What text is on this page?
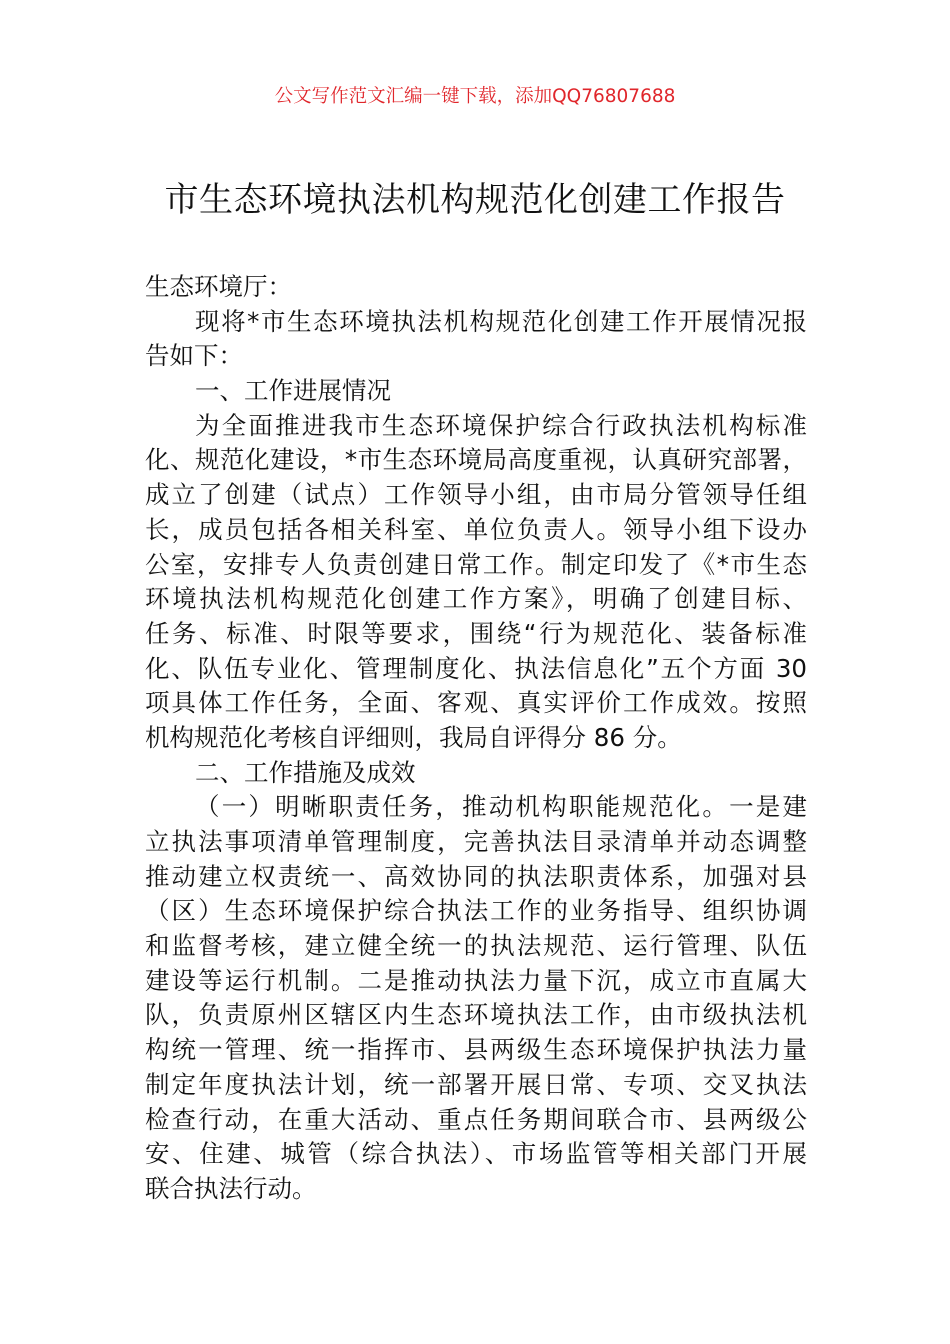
公文写作范文汇编一键下载，添加QQ76807688
市生态环境执法机构规范化创建工作报告
生态环境厅：
现将*市生态环境执法机构规范化创建工作开展情况报
告如下：
一、工作进展情况
为全面推进我市生态环境保护综合行政执法机构标准
化、规范化建设，*市生态环境局高度重视，认真研究部署，
成立了创建（试点）工作领导小组，由市局分管领导任组
长，成员包括各相关科室、单位负责人。领导小组下设办
公室，安排专人负责创建日常工作。制定印发了《*市生态
环境执法机构规范化创建工作方案》，明确了创建目标、
任务、标准、时限等要求，围绕“行为规范化、装备标准
化、队伍专业化、管理制度化、执法信息化”五个方面 30
项具体工作任务，全面、客观、真实评价工作成效。按照
机构规范化考核自评细则，我局自评得分 86 分。
二、工作措施及成效
（一）明晰职责任务，推动机构职能规范化。一是建
立执法事项清单管理制度，完善执法目录清单并动态调整
推动建立权责统一、高效协同的执法职责体系，加强对县
（区）生态环境保护综合执法工作的业务指导、组织协调
和监督考核，建立健全统一的执法规范、运行管理、队伍
建设等运行机制。二是推动执法力量下沉，成立市直属大
队，负责原州区辖区内生态环境执法工作，由市级执法机
构统一管理、统一指挥市、县两级生态环境保护执法力量
制定年度执法计划，统一部署开展日常、专项、交叉执法
检查行动，在重大活动、重点任务期间联合市、县两级公
安、住建、城管（综合执法）、市场监管等相关部门开展
联合执法行动。
